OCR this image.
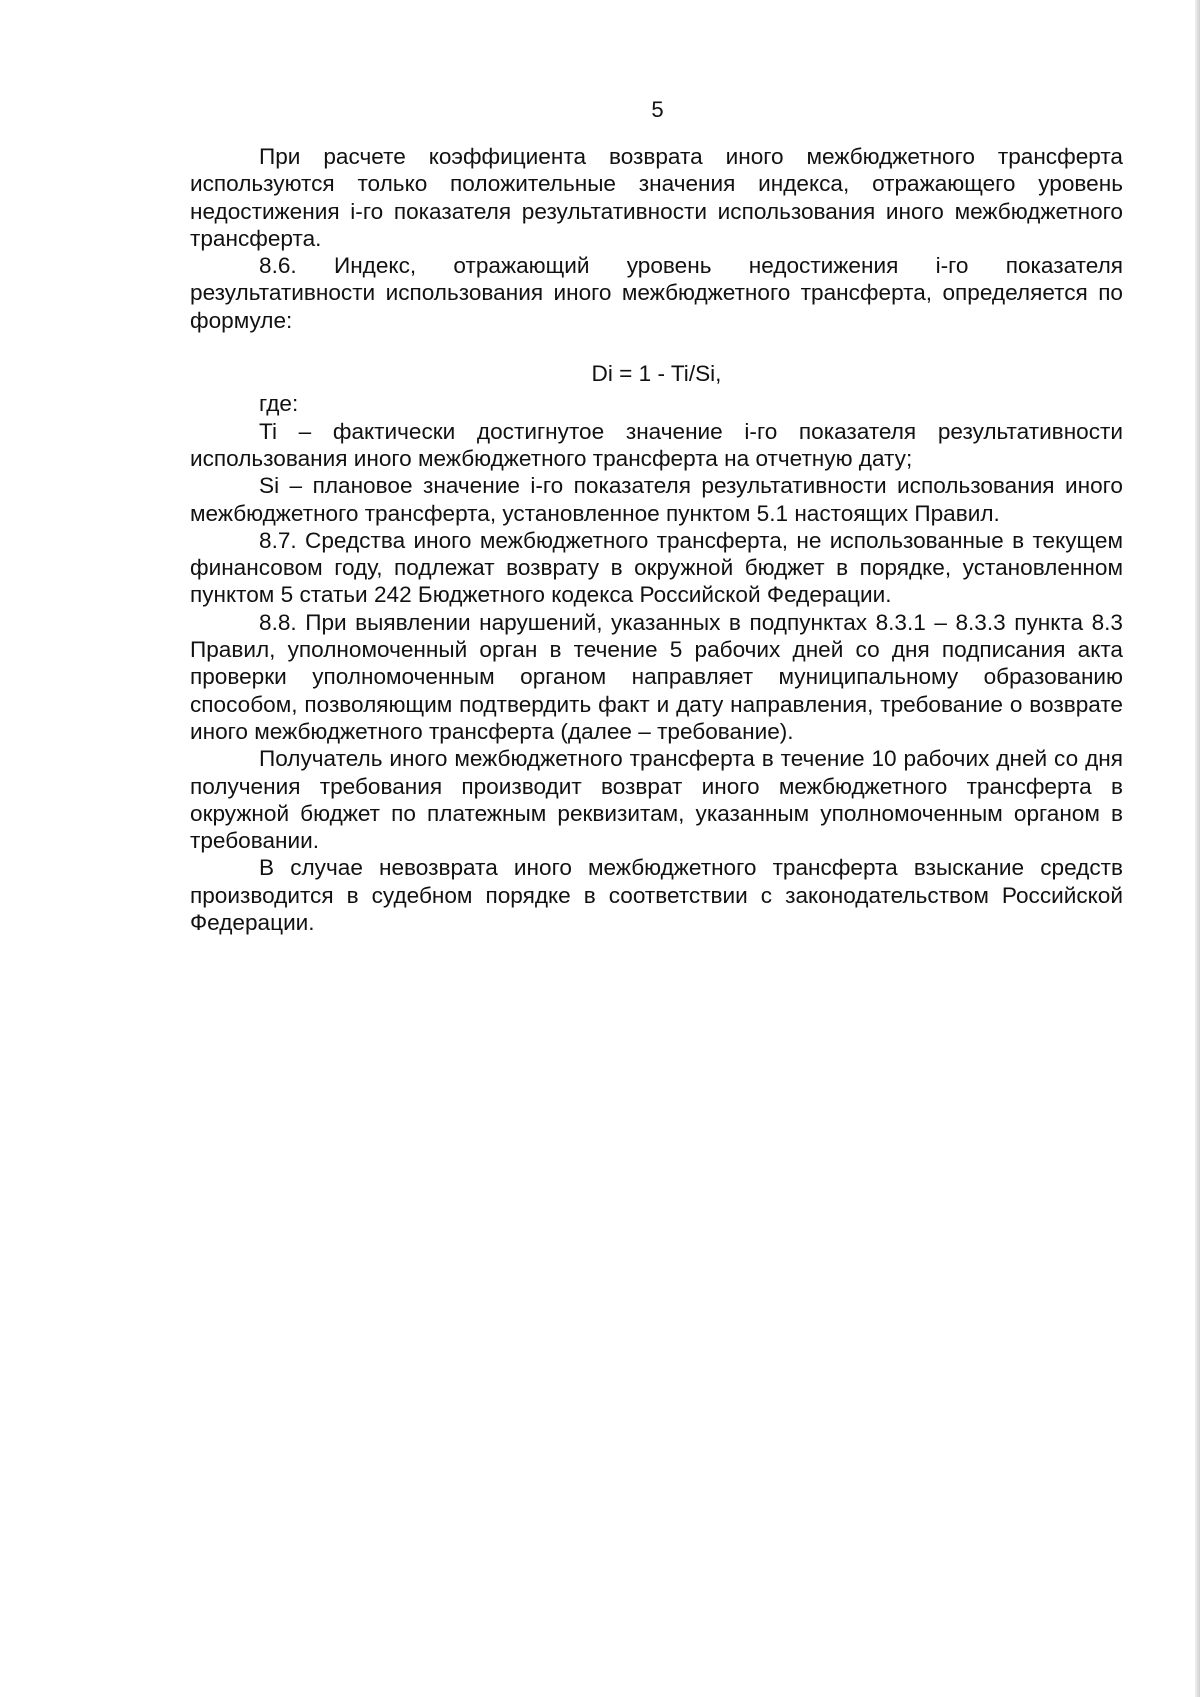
5

При расчете коэффициента возврата иного межбюджетного трансферта используются только положительные значения индекса, отражающего уровень недостижения i-го показателя результативности использования иного межбюджетного трансферта.

8.6. Индекс, отражающий уровень недостижения i-го показателя результативности использования иного межбюджетного трансферта, определяется по формуле:

Di = 1 - Ti/Si,

где:

Ti – фактически достигнутое значение i-го показателя результативности использования иного межбюджетного трансферта на отчетную дату;

Si – плановое значение i-го показателя результативности использования иного межбюджетного трансферта, установленное пунктом 5.1 настоящих Правил.

8.7. Средства иного межбюджетного трансферта, не использованные в текущем финансовом году, подлежат возврату в окружной бюджет в порядке, установленном пунктом 5 статьи 242 Бюджетного кодекса Российской Федерации.

8.8. При выявлении нарушений, указанных в подпунктах 8.3.1 – 8.3.3 пункта 8.3 Правил, уполномоченный орган в течение 5 рабочих дней со дня подписания акта проверки уполномоченным органом направляет муниципальному образованию способом, позволяющим подтвердить факт и дату направления, требование о возврате иного межбюджетного трансферта (далее – требование).

Получатель иного межбюджетного трансферта в течение 10 рабочих дней со дня получения требования производит возврат иного межбюджетного трансферта в окружной бюджет по платежным реквизитам, указанным уполномоченным органом в требовании.

В случае невозврата иного межбюджетного трансферта взыскание средств производится в судебном порядке в соответствии с законодательством Российской Федерации.
